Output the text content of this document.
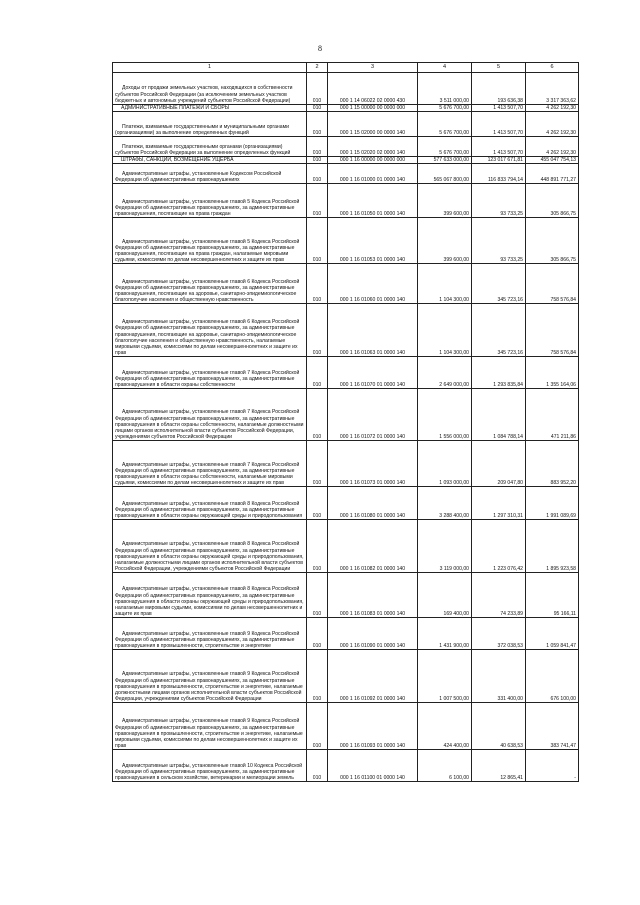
8
1	2	3	4	5	6

Доходы от продажи земельных участков, находящихся в собственности субъектов Российской Федерации (за исключением земельных участков бюджетных и автономных учреждений субъектов Российской Федерации)	010	000 1 14 06022 02 0000 430	3 511 000,00	193 636,38	3 317 363,62

АДМИНИСТРАТИВНЫЕ ПЛАТЕЖИ И СБОРЫ	010	000 1 15 00000 00 0000 000	5 676 700,00	1 413 507,70	4 262 192,30

Платежи, взимаемые государственными и муниципальными органами (организациями) за выполнение определенных функций	010	000 1 15 02000 00 0000 140	5 676 700,00	1 413 507,70	4 262 192,30

Платежи, взимаемые государственными органами (организациями) субъектов Российской Федерации за выполнение определенных функций	010	000 1 15 02020 02 0000 140	5 676 700,00	1 413 507,70	4 262 192,30

ШТРАФЫ, САНКЦИИ, ВОЗМЕЩЕНИЕ УЩЕРБА	010	000 1 16 00000 00 0000 000	577 633 000,00	123 017 671,81	455 047 754,13

Административные штрафы, установленные Кодексом Российской Федерации об административных правонарушениях	010	000 1 16 01000 01 0000 140	565 067 800,00	116 833 794,14	448 891 771,27

Административные штрафы, установленные главой 5 Кодекса Российской Федерации об административных правонарушениях, за административные правонарушения, посягающие на права граждан	010	000 1 16 01050 01 0000 140	399 600,00	93 733,25	305 866,75

Административные штрафы, установленные главой 5 Кодекса Российской Федерации об административных правонарушениях, за административные правонарушения, посягающие на права граждан, налагаемые мировыми судьями, комиссиями по делам несовершеннолетних и защите их прав	010	000 1 16 01053 01 0000 140	399 600,00	93 733,25	305 866,75

Административные штрафы, установленные главой 6 Кодекса Российской Федерации об административных правонарушениях, за административные правонарушения, посягающие на здоровье, санитарно-эпидемиологическое благополучие населения и общественную нравственность	010	000 1 16 01060 01 0000 140	1 104 300,00	345 723,16	758 576,84

Административные штрафы, установленные главой 6 Кодекса Российской Федерации об административных правонарушениях, за административные правонарушения, посягающие на здоровье, санитарно-эпидемиологическое благополучие населения и общественную нравственность, налагаемые мировыми судьями, комиссиями по делам несовершеннолетних и защите их прав	010	000 1 16 01063 01 0000 140	1 104 300,00	345 723,16	758 576,84

Административные штрафы, установленные главой 7 Кодекса Российской Федерации об административных правонарушениях, за административные правонарушения в области охраны собственности	010	000 1 16 01070 01 0000 140	2 649 000,00	1 293 835,84	1 355 164,06

Административные штрафы, установленные главой 7 Кодекса Российской Федерации об административных правонарушениях, за административные правонарушения в области охраны собственности, налагаемые должностными лицами органов исполнительной власти субъектов Российской Федерации, учреждениями субъектов Российской Федерации	010	000 1 16 01072 01 0000 140	1 556 000,00	1 084 788,14	471 211,86

Административные штрафы, установленные главой 7 Кодекса Российской Федерации об административных правонарушениях, за административные правонарушения в области охраны собственности, налагаемые мировыми судьями, комиссиями по делам несовершеннолетних и защите их прав	010	000 1 16 01073 01 0000 140	1 093 000,00	209 047,80	883 952,20

Административные штрафы, установленные главой 8 Кодекса Российской Федерации об административных правонарушениях, за административные правонарушения в области охраны окружающей среды и природопользования	010	000 1 16 01080 01 0000 140	3 288 400,00	1 297 310,31	1 991 089,69

Административные штрафы, установленные главой 8 Кодекса Российской Федерации об административных правонарушениях, за административные правонарушения в области охраны окружающей среды и природопользования, налагаемые должностными лицами органов исполнительной власти субъектов Российской Федерации, учреждениями субъектов Российской Федерации	010	000 1 16 01082 01 0000 140	3 119 000,00	1 223 076,42	1 895 923,58

Административные штрафы, установленные главой 8 Кодекса Российской Федерации об административных правонарушениях, за административные правонарушения в области охраны окружающей среды и природопользования, налагаемые мировыми судьями, комиссиями по делам несовершеннолетних и защите их прав	010	000 1 16 01083 01 0000 140	169 400,00	74 233,89	95 166,11

Административные штрафы, установленные главой 9 Кодекса Российской Федерации об административных правонарушениях, за административные правонарушения в промышленности, строительстве и энергетике	010	000 1 16 01090 01 0000 140	1 431 900,00	372 038,53	1 059 841,47

Административные штрафы, установленные главой 9 Кодекса Российской Федерации об административных правонарушениях, за административные правонарушения в промышленности, строительстве и энергетике, налагаемые должностными лицами органов исполнительной власти субъектов Российской Федерации, учреждениями субъектов Российской Федерации	010	000 1 16 01092 01 0000 140	1 007 500,00	331 400,00	676 100,00

Административные штрафы, установленные главой 9 Кодекса Российской Федерации об административных правонарушениях, за административные правонарушения в промышленности, строительстве и энергетике, налагаемые мировыми судьями, комиссиями по делам несовершеннолетних и защите их прав	010	000 1 16 01093 01 0000 140	424 400,00	40 638,53	383 741,47

Административные штрафы, установленные главой 10 Кодекса Российской Федерации об административных правонарушениях, за административные правонарушения в сельском хозяйстве, ветеринарии и мелиорации земель	010	000 1 16 01100 01 0000 140	6 100,00	12 865,41	-
